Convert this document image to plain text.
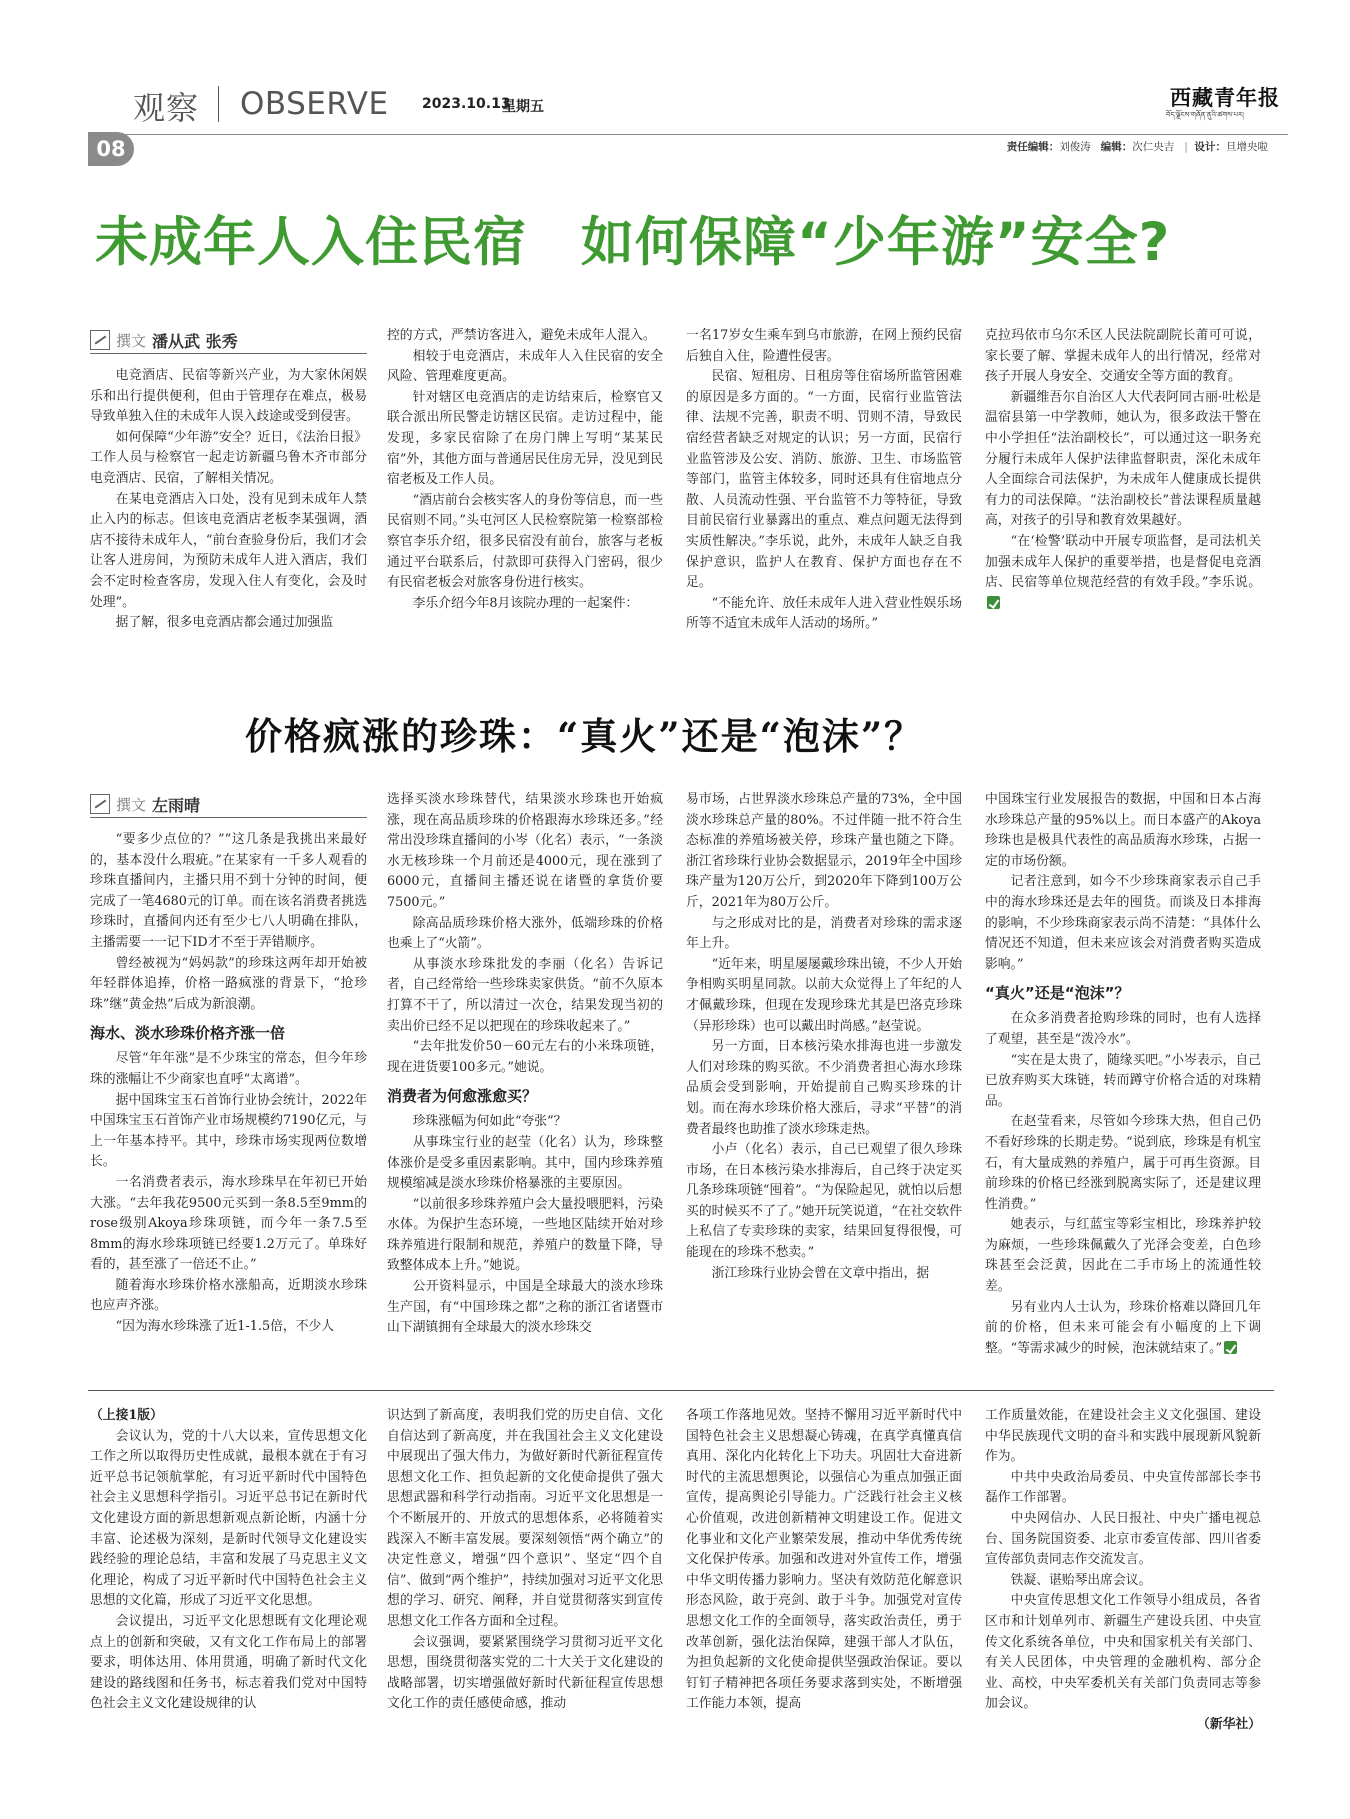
观察 OBSERVE 2023.10.13
星期五	西藏青年报
བོད་ལྗོངས་གཞོན་ནུའི་ཚགས་པར།
08	责任编辑：刘俊涛 编辑：次仁央吉 | 设计：旦增央啦
未成年人入住民宿　如何保障“少年游”安全?
撰文 潘从武 张秀

电竞酒店、民宿等新兴产业，为大家休闲娱乐和出行提供便利，但由于管理存在难点，极易导致单独入住的未成年人误入歧途或受到侵害。

如何保障“少年游”安全？近日，《法治日报》工作人员与检察官一起走访新疆乌鲁木齐市部分电竞酒店、民宿，了解相关情况。

在某电竞酒店入口处，没有见到未成年人禁止入内的标志。但该电竞酒店老板李某强调，酒店不接待未成年人，“前台查验身份后，我们才会让客人进房间，为预防未成年人进入酒店，我们会不定时检查客房，发现入住人有变化，会及时处理”。

据了解，很多电竞酒店都会通过加强监

控的方式，严禁访客进入，避免未成年人混入。

相较于电竞酒店，未成年人入住民宿的安全风险、管理难度更高。

针对辖区电竞酒店的走访结束后，检察官又联合派出所民警走访辖区民宿。走访过程中，能发现，多家民宿除了在房门牌上写明“某某民宿”外，其他方面与普通居民住房无异，没见到民宿老板及工作人员。

“酒店前台会核实客人的身份等信息，而一些民宿则不同。”头屯河区人民检察院第一检察部检察官李乐介绍，很多民宿没有前台，旅客与老板通过平台联系后，付款即可获得入门密码，很少有民宿老板会对旅客身份进行核实。

李乐介绍今年8月该院办理的一起案件：

一名17岁女生乘车到乌市旅游，在网上预约民宿后独自入住，险遭性侵害。

民宿、短租房、日租房等住宿场所监管困难的原因是多方面的。“一方面，民宿行业监管法律、法规不完善，职责不明、罚则不清，导致民宿经营者缺乏对规定的认识；另一方面，民宿行业监管涉及公安、消防、旅游、卫生、市场监管等部门，监管主体较多，同时还具有住宿地点分散、人员流动性强、平台监管不力等特征，导致目前民宿行业暴露出的重点、难点问题无法得到实质性解决。”李乐说，此外，未成年人缺乏自我保护意识，监护人在教育、保护方面也存在不足。

“不能允许、放任未成年人进入营业性娱乐场所等不适宜未成年人活动的场所。”

克拉玛依市乌尔禾区人民法院副院长莆可可说，家长要了解、掌握未成年人的出行情况，经常对孩子开展人身安全、交通安全等方面的教育。

新疆维吾尔自治区人大代表阿同古丽·吐松是温宿县第一中学教师，她认为，很多政法干警在中小学担任“法治副校长”，可以通过这一职务充分履行未成年人保护法律监督职责，深化未成年人全面综合司法保护，为未成年人健康成长提供有力的司法保障。“法治副校长”普法课程质量越高，对孩子的引导和教育效果越好。

“在‘检警’联动中开展专项监督，是司法机关加强未成年人保护的重要举措，也是督促电竞酒店、民宿等单位规范经营的有效手段。”李乐说。

价格疯涨的珍珠：“真火”还是“泡沫”？
撰文 左雨晴

“要多少点位的？”“这几条是我挑出来最好的，基本没什么瑕疵。”在某家有一千多人观看的珍珠直播间内，主播只用不到十分钟的时间，便完成了一笔4680元的订单。而在该名消费者挑选珍珠时，直播间内还有至少七八人明确在排队，主播需要一一记下ID才不至于弄错顺序。

曾经被视为“妈妈款”的珍珠这两年却开始被年轻群体追捧，价格一路疯涨的背景下，“抢珍珠”继“黄金热”后成为新浪潮。

海水、淡水珍珠价格齐涨一倍

尽管“年年涨”是不少珠宝的常态，但今年珍珠的涨幅让不少商家也直呼“太离谱”。

据中国珠宝玉石首饰行业协会统计，2022年中国珠宝玉石首饰产业市场规模约7190亿元，与上一年基本持平。其中，珍珠市场实现两位数增长。

一名消费者表示，海水珍珠早在年初已开始大涨。“去年我花9500元买到一条8.5至9mm的rose级别Akoya珍珠项链，而今年一条7.5至8mm的海水珍珠项链已经要1.2万元了。单珠好看的，甚至涨了一倍还不止。”

随着海水珍珠价格水涨船高，近期淡水珍珠也应声齐涨。

“因为海水珍珠涨了近1-1.5倍，不少人

选择买淡水珍珠替代，结果淡水珍珠也开始疯涨，现在高品质珍珠的价格跟海水珍珠还多。”经常出没珍珠直播间的小岑（化名）表示，“一条淡水无核珍珠一个月前还是4000元，现在涨到了6000元，直播间主播还说在诸暨的拿货价要7500元。”

除高品质珍珠价格大涨外，低端珍珠的价格也乘上了“火箭”。

从事淡水珍珠批发的李丽（化名）告诉记者，自己经常给一些珍珠卖家供货。“前不久原本打算不干了，所以清过一次仓，结果发现当初的卖出价已经不足以把现在的珍珠收起来了。”

“去年批发价50－60元左右的小米珠项链，现在进货要100多元。”她说。

消费者为何愈涨愈买？

珍珠涨幅为何如此“夸张”？

从事珠宝行业的赵莹（化名）认为，珍珠整体涨价是受多重因素影响。其中，国内珍珠养殖规模缩减是淡水珍珠价格暴涨的主要原因。

“以前很多珍珠养殖户会大量投喂肥料，污染水体。为保护生态环境，一些地区陆续开始对珍珠养殖进行限制和规范，养殖户的数量下降，导致整体成本上升。”她说。

公开资料显示，中国是全球最大的淡水珍珠生产国，有“中国珍珠之都”之称的浙江省诸暨市山下湖镇拥有全球最大的淡水珍珠交

易市场，占世界淡水珍珠总产量的73%，全中国淡水珍珠总产量的80%。不过伴随一批不符合生态标准的养殖场被关停，珍珠产量也随之下降。浙江省珍珠行业协会数据显示，2019年全中国珍珠产量为120万公斤，到2020年下降到100万公斤，2021年为80万公斤。

与之形成对比的是，消费者对珍珠的需求逐年上升。

“近年来，明星屡屡戴珍珠出镜，不少人开始争相购买明星同款。以前大众觉得上了年纪的人才佩戴珍珠，但现在发现珍珠尤其是巴洛克珍珠（异形珍珠）也可以戴出时尚感。”赵莹说。

另一方面，日本核污染水排海也进一步激发人们对珍珠的购买欲。不少消费者担心海水珍珠品质会受到影响，开始提前自己购买珍珠的计划。而在海水珍珠价格大涨后，寻求“平替”的消费者最终也助推了淡水珍珠走热。

小卢（化名）表示，自己已观望了很久珍珠市场，在日本核污染水排海后，自己终于决定买几条珍珠项链“囤着”。“为保险起见，就怕以后想买的时候买不了了。”她开玩笑说道，“在社交软件上私信了专卖珍珠的卖家，结果回复得很慢，可能现在的珍珠不愁卖。”

浙江珍珠行业协会曾在文章中指出，据

中国珠宝行业发展报告的数据，中国和日本占海水珍珠总产量的95%以上。而日本盛产的Akoya珍珠也是极具代表性的高品质海水珍珠，占据一定的市场份额。

记者注意到，如今不少珍珠商家表示自己手中的海水珍珠还是去年的囤货。而谈及日本排海的影响，不少珍珠商家表示尚不清楚：“具体什么情况还不知道，但未来应该会对消费者购买造成影响。”

“真火”还是“泡沫”？

在众多消费者抢购珍珠的同时，也有人选择了观望，甚至是“泼冷水”。

“实在是太贵了，随缘买吧。”小岑表示，自己已放弃购买大珠链，转而蹲守价格合适的对珠精品。

在赵莹看来，尽管如今珍珠大热，但自己仍不看好珍珠的长期走势。“说到底，珍珠是有机宝石，有大量成熟的养殖户，属于可再生资源。目前珍珠的价格已经涨到脱离实际了，还是建议理性消费。”

她表示，与红蓝宝等彩宝相比，珍珠养护较为麻烦，一些珍珠佩戴久了光泽会变差，白色珍珠甚至会泛黄，因此在二手市场上的流通性较差。

另有业内人士认为，珍珠价格难以降回几年前的价格，但未来可能会有小幅度的上下调整。“等需求减少的时候，泡沫就结束了。”

（上接1版）

会议认为，党的十八大以来，宣传思想文化工作之所以取得历史性成就，最根本就在于有习近平总书记领航掌舵，有习近平新时代中国特色社会主义思想科学指引。习近平总书记在新时代文化建设方面的新思想新观点新论断，内涵十分丰富、论述极为深刻，是新时代领导文化建设实践经验的理论总结，丰富和发展了马克思主义文化理论，构成了习近平新时代中国特色社会主义思想的文化篇，形成了习近平文化思想。

会议提出，习近平文化思想既有文化理论观点上的创新和突破，又有文化工作布局上的部署要求，明体达用、体用贯通，明确了新时代文化建设的路线图和任务书，标志着我们党对中国特色社会主义文化建设规律的认

识达到了新高度，表明我们党的历史自信、文化自信达到了新高度，并在我国社会主义文化建设中展现出了强大伟力，为做好新时代新征程宣传思想文化工作、担负起新的文化使命提供了强大思想武器和科学行动指南。习近平文化思想是一个不断展开的、开放式的思想体系，必将随着实践深入不断丰富发展。要深刻领悟“两个确立”的决定性意义，增强“四个意识”、坚定“四个自信”、做到“两个维护”，持续加强对习近平文化思想的学习、研究、阐释，并自觉贯彻落实到宣传思想文化工作各方面和全过程。

会议强调，要紧紧围绕学习贯彻习近平文化思想，围绕贯彻落实党的二十大关于文化建设的战略部署，切实增强做好新时代新征程宣传思想文化工作的责任感使命感，推动

各项工作落地见效。坚持不懈用习近平新时代中国特色社会主义思想凝心铸魂，在真学真懂真信真用、深化内化转化上下功夫。巩固壮大奋进新时代的主流思想舆论，以强信心为重点加强正面宣传，提高舆论引导能力。广泛践行社会主义核心价值观，改进创新精神文明建设工作。促进文化事业和文化产业繁荣发展，推动中华优秀传统文化保护传承。加强和改进对外宣传工作，增强中华文明传播力影响力。坚决有效防范化解意识形态风险，敢于亮剑、敢于斗争。加强党对宣传思想文化工作的全面领导，落实政治责任，勇于改革创新，强化法治保障，建强干部人才队伍，为担负起新的文化使命提供坚强政治保证。要以钉钉子精神把各项任务要求落到实处，不断增强工作能力本领，提高

工作质量效能，在建设社会主义文化强国、建设中华民族现代文明的奋斗和实践中展现新风貌新作为。

中共中央政治局委员、中央宣传部部长李书磊作工作部署。

中央网信办、人民日报社、中央广播电视总台、国务院国资委、北京市委宣传部、四川省委宣传部负责同志作交流发言。

铁凝、谌贻琴出席会议。

中央宣传思想文化工作领导小组成员，各省区市和计划单列市、新疆生产建设兵团、中央宣传文化系统各单位，中央和国家机关有关部门、有关人民团体，中央管理的金融机构、部分企业、高校，中央军委机关有关部门负责同志等参加会议。

（新华社）
